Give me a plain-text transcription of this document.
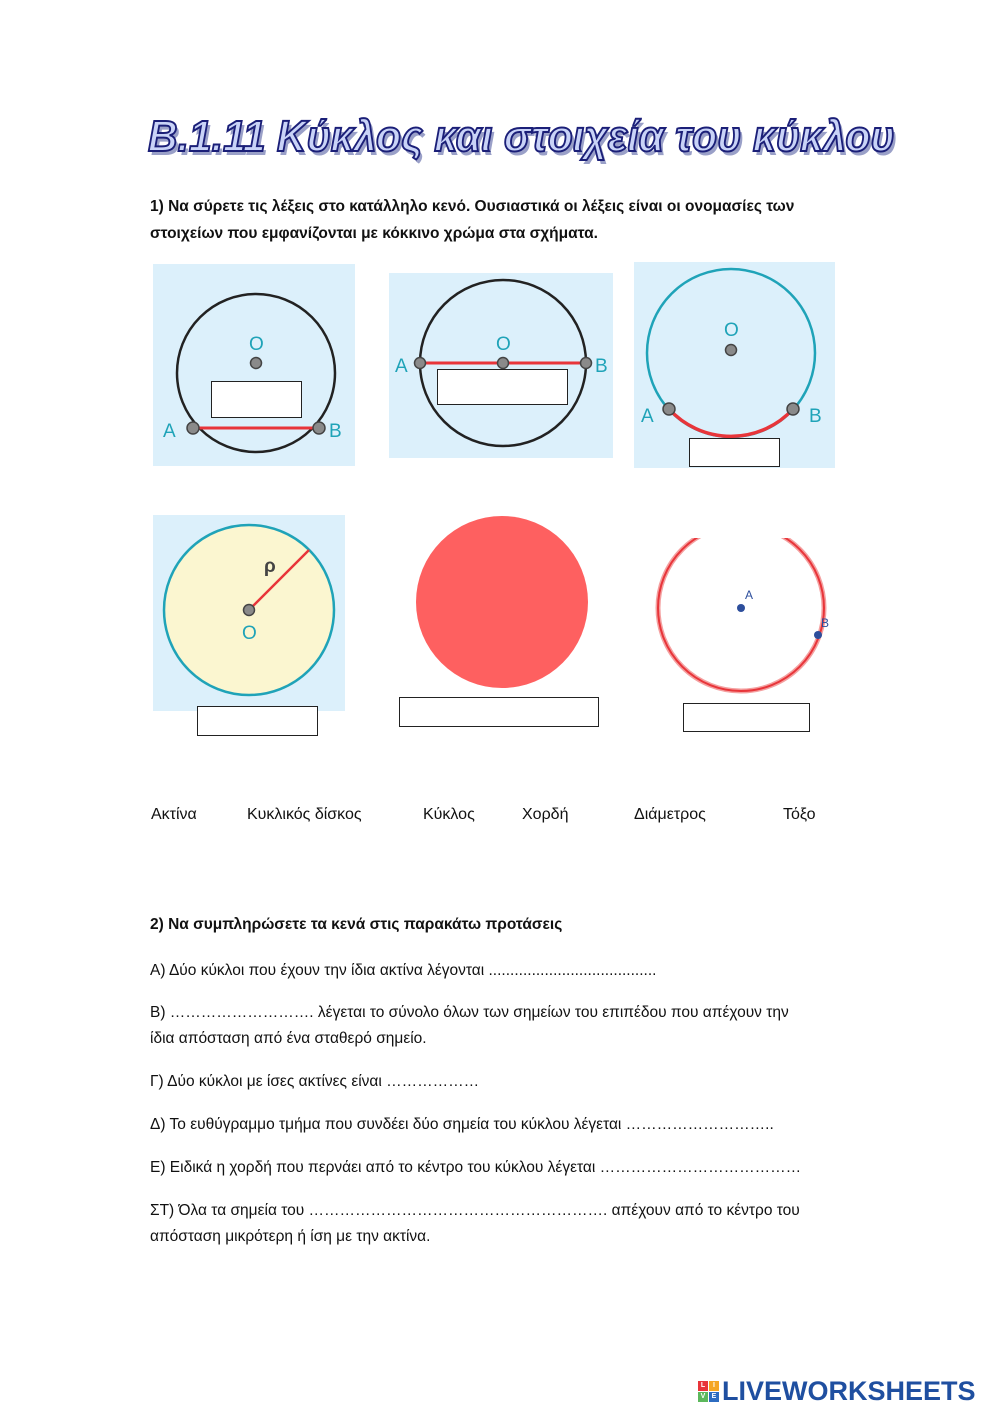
Β.1.11 Κύκλος και στοιχεία του κύκλου
1) Να σύρετε τις λέξεις στο κατάλληλο κενό. Ουσιαστικά οι λέξεις είναι οι ονομασίες των
στοιχείων που εμφανίζονται με κόκκινο χρώμα στα σχήματα.
O
A	B
O
A	B
O
A	B
ρ
O
A
B
Ακτίνα	Κυκλικός δίσκος	Κύκλος	Χορδή	Διάμετρος	Τόξο
2) Να συμπληρώσετε τα κενά στις παρακάτω προτάσεις
Α) Δύο κύκλοι που έχουν την ίδια ακτίνα λέγονται .......................................
Β) ………………………. λέγεται το σύνολο όλων των σημείων του επιπέδου που απέχουν την
ίδια απόσταση από ένα σταθερό σημείο.
Γ) Δύο κύκλοι με ίσες ακτίνες είναι ………………
Δ) Το ευθύγραμμο τμήμα που συνδέει δύο σημεία του κύκλου λέγεται ………………………..
Ε) Ειδικά η χορδή που περνάει από το κέντρο του κύκλου λέγεται …………………………………
ΣΤ) Όλα τα σημεία του …………………………………………………. απέχουν από το κέντρο του
απόσταση μικρότερη ή ίση με την ακτίνα.
L	I
V E LIVEWORKSHEETS
